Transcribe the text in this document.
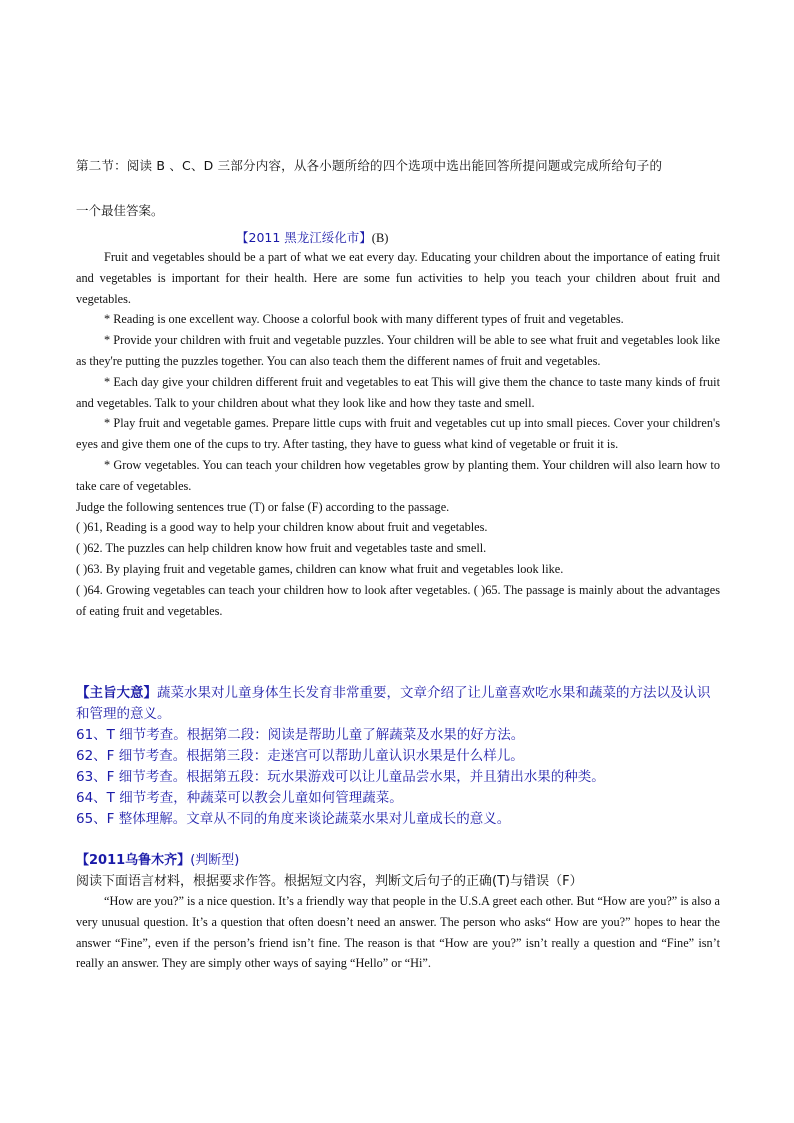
第二节：阅读 B 、C、D 三部分内容，从各小题所给的四个选项中选出能回答所提问题或完成所给句子的
一个最佳答案。
【2011 黑龙江绥化市】(B)

Fruit and vegetables should be a part of what we eat every day. Educating your children about the importance of eating fruit and vegetables is important for their health. Here are some fun activities to help you teach your children about fruit and vegetables.

* Reading is one excellent way. Choose a colorful book with many different types of fruit and vegetables.

* Provide your children with fruit and vegetable puzzles. Your children will be able to see what fruit and vegetables look like as they're putting the puzzles together. You can also teach them the different names of fruit and vegetables.

* Each day give your children different fruit and vegetables to eat This will give them the chance to taste many kinds of fruit and vegetables. Talk to your children about what they look like and how they taste and smell.

* Play fruit and vegetable games. Prepare little cups with fruit and vegetables cut up into small pieces. Cover your children's eyes and give them one of the cups to try. After tasting, they have to guess what kind of vegetable or fruit it is.

* Grow vegetables. You can teach your children how vegetables grow by planting them. Your children will also learn how to take care of vegetables.

Judge the following sentences true (T) or false (F) according to the passage.

( )61, Reading is a good way to help your children know about fruit and vegetables.

( )62. The puzzles can help children know how fruit and vegetables taste and smell.

( )63. By playing fruit and vegetable games, children can know what fruit and vegetables look like.

( )64. Growing vegetables can teach your children how to look after vegetables. ( )65. The passage is mainly about the advantages of eating fruit and vegetables.

【主旨大意】蔬菜水果对儿童身体生长发育非常重要，文章介绍了让儿童喜欢吃水果和蔬菜的方法以及认识和管理的意义。

61、T 细节考查。根据第二段：阅读是帮助儿童了解蔬菜及水果的好方法。

62、F 细节考查。根据第三段：走迷宫可以帮助儿童认识水果是什么样儿。

63、F 细节考查。根据第五段：玩水果游戏可以让儿童品尝水果，并且猜出水果的种类。

64、T 细节考查，种蔬菜可以教会儿童如何管理蔬菜。

65、F 整体理解。文章从不同的角度来谈论蔬菜水果对儿童成长的意义。

【2011乌鲁木齐】(判断型)

阅读下面语言材料，根据要求作答。根据短文内容，判断文后句子的正确(T)与错误（F）

“How are you?” is a nice question. It’s a friendly way that people in the U.S.A greet each other. But “How are you?” is also a very unusual question. It’s a question that often doesn’t need an answer. The person who asks“ How are you?” hopes to hear the answer “Fine”, even if the person’s friend isn’t fine. The reason is that “How are you?” isn’t really a question and “Fine” isn’t really an answer. They are simply other ways of saying “Hello” or “Hi”.
